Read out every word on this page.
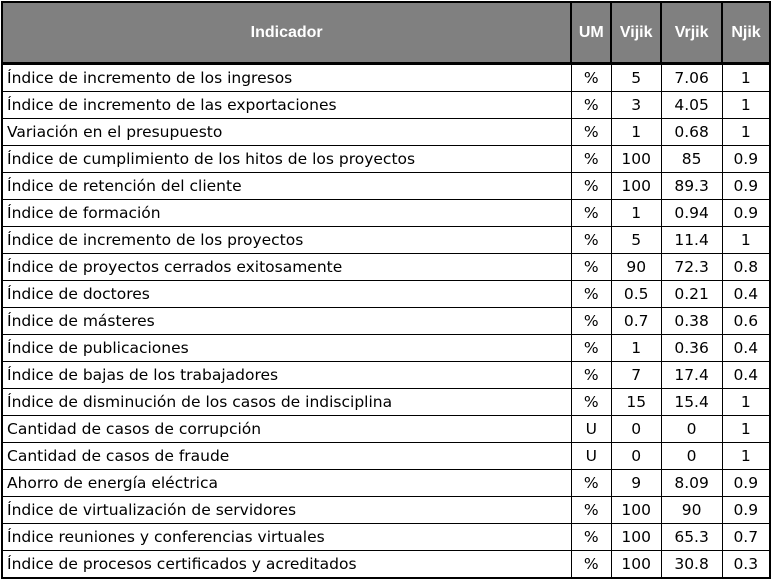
Indicador	UM	Vijik	Vrjik	Njik
Índice de incremento de los ingresos	%	5	7.06	1
Índice de incremento de las exportaciones	%	3	4.05	1
Variación en el presupuesto	%	1	0.68	1
Índice de cumplimiento de los hitos de los proyectos	%	100	85	0.9
Índice de retención del cliente	%	100	89.3	0.9
Índice de formación	%	1	0.94	0.9
Índice de incremento de los proyectos	%	5	11.4	1
Índice de proyectos cerrados exitosamente	%	90	72.3	0.8
Índice de doctores	%	0.5	0.21	0.4
Índice de másteres	%	0.7	0.38	0.6
Índice de publicaciones	%	1	0.36	0.4
Índice de bajas de los trabajadores	%	7	17.4	0.4
Índice de disminución de los casos de indisciplina	%	15	15.4	1
Cantidad de casos de corrupción	U	0	0	1
Cantidad de casos de fraude	U	0	0	1
Ahorro de energía eléctrica	%	9	8.09	0.9
Índice de virtualización de servidores	%	100	90	0.9
Índice reuniones y conferencias virtuales	%	100	65.3	0.7
Índice de procesos certificados y acreditados	%	100	30.8	0.3
